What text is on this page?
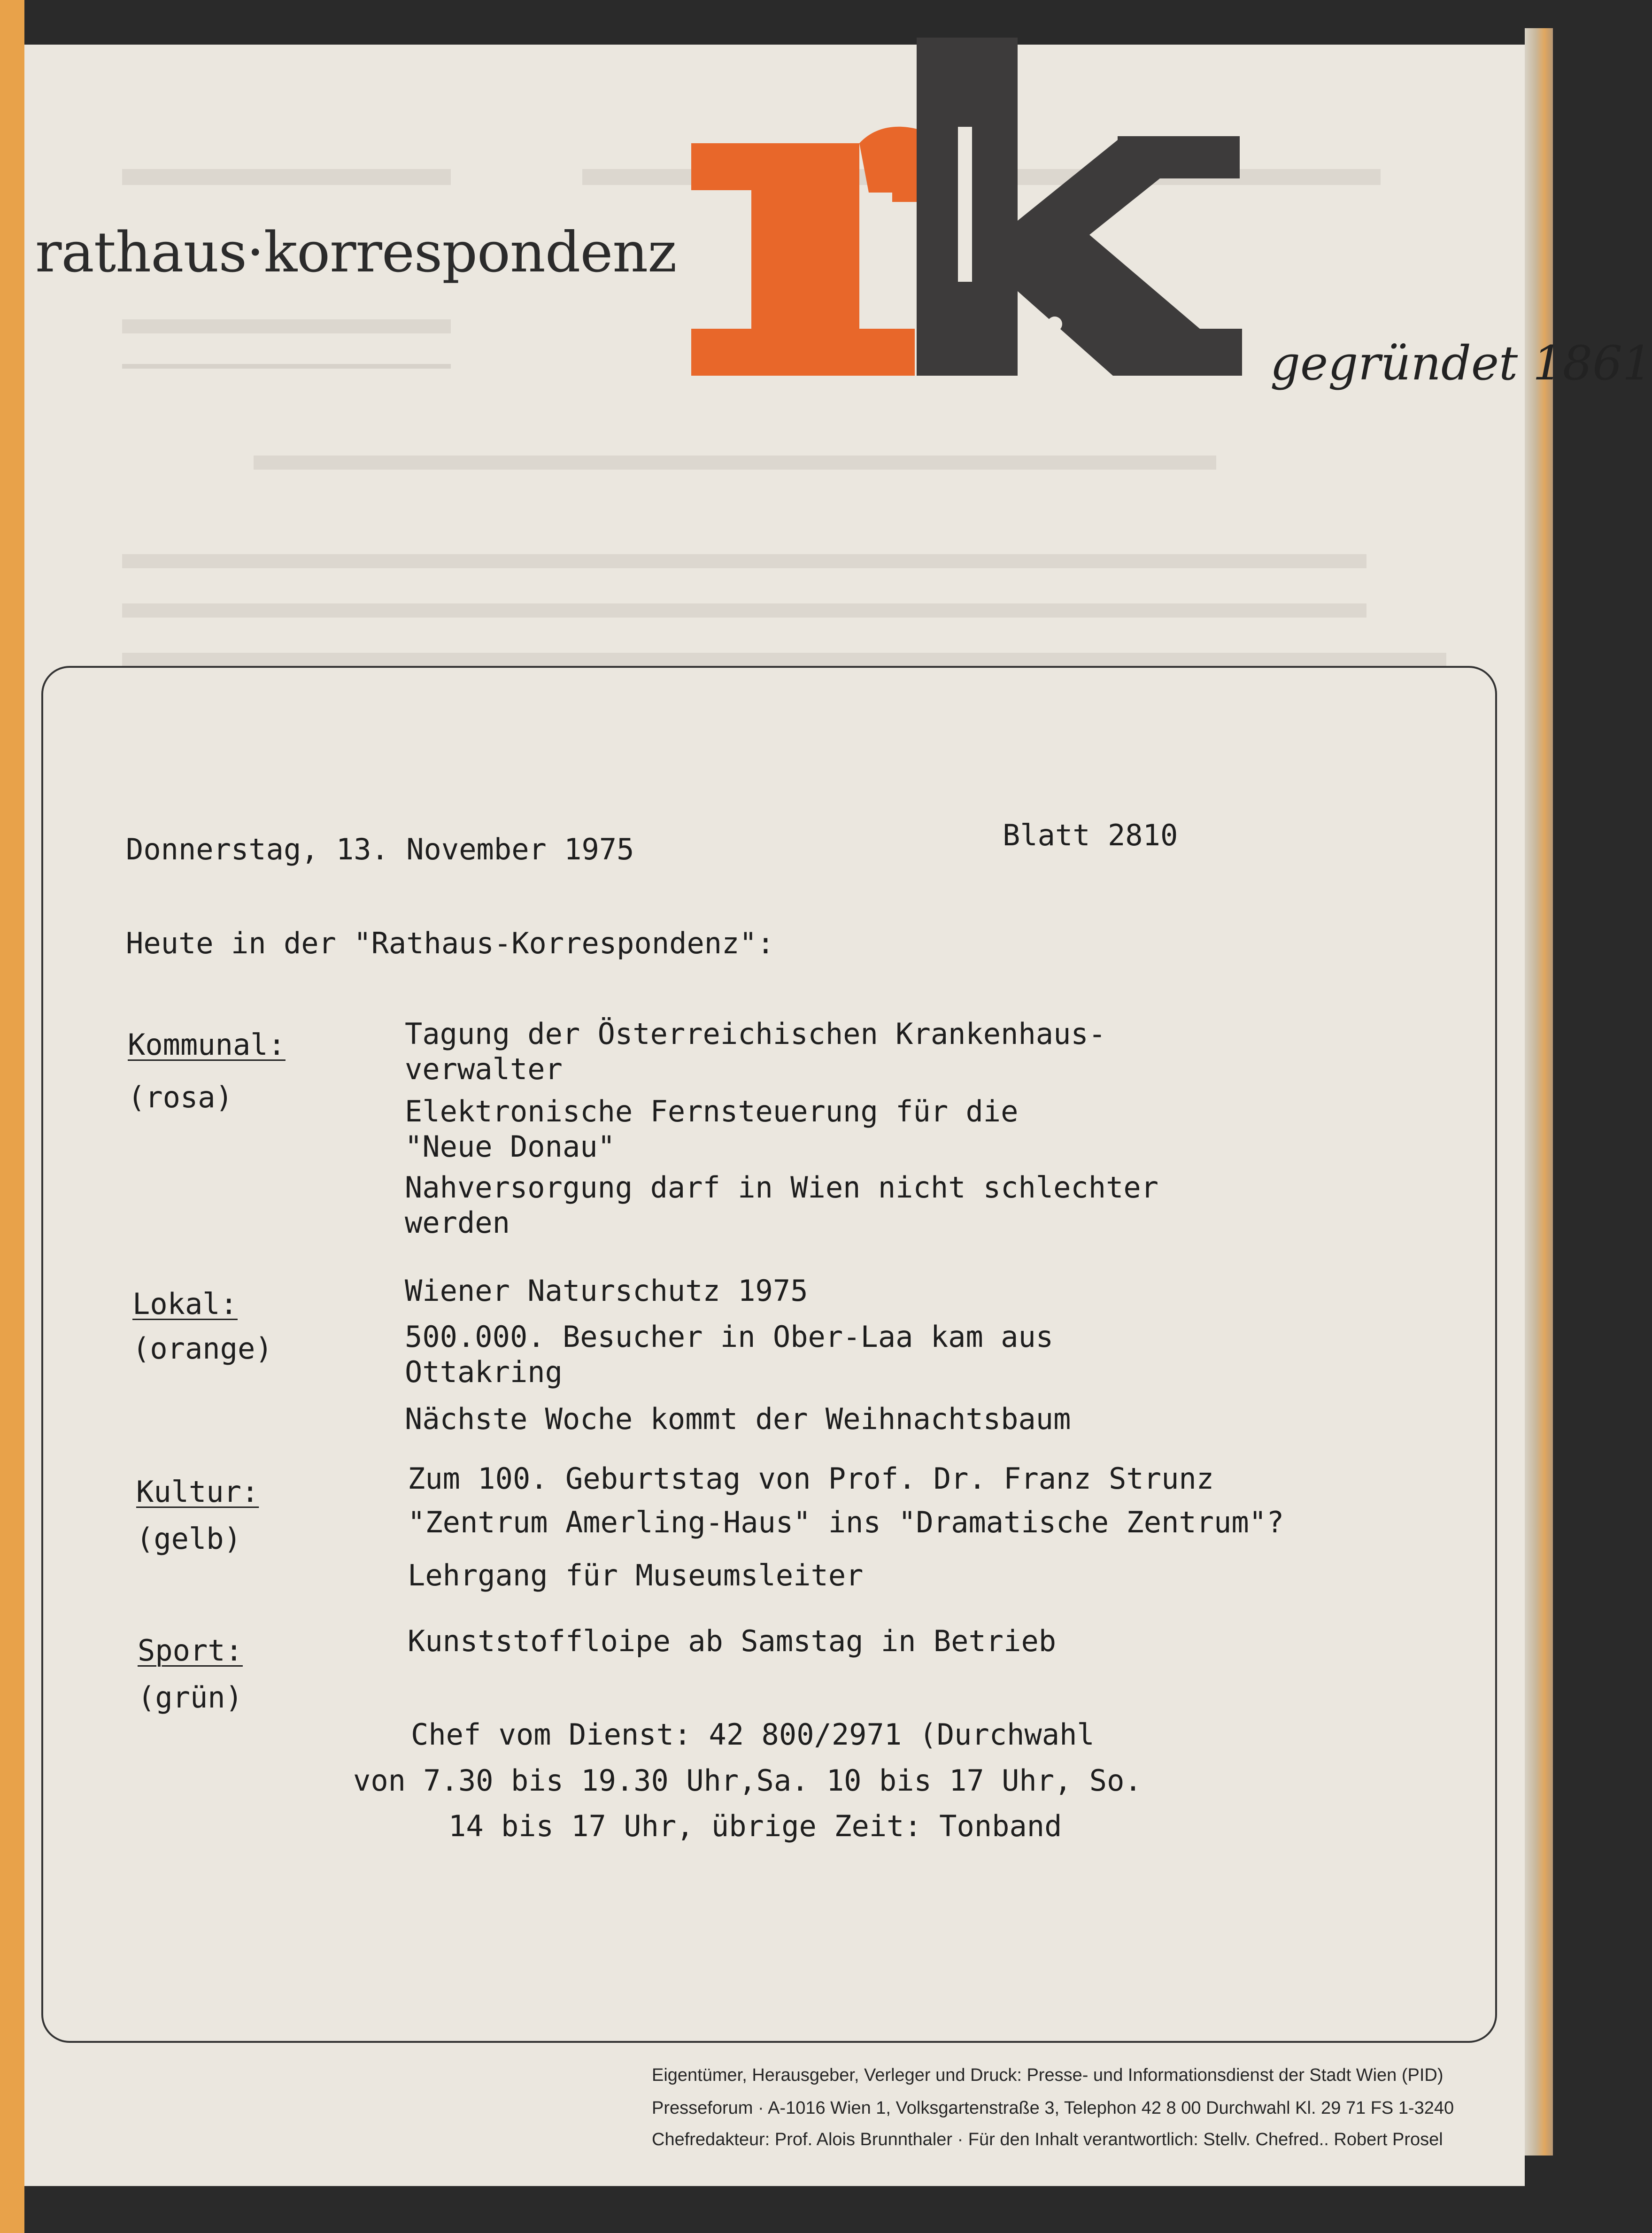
rathaus·korrespondenz
gegründet 1861
Donnerstag, 13. November 1975	Blatt 2810
Heute in der "Rathaus-Korrespondenz":
Kommunal:
(rosa)
Tagung der Österreichischen Krankenhaus-
verwalter
Elektronische Fernsteuerung für die
"Neue Donau"
Nahversorgung darf in Wien nicht schlechter
werden
Lokal:
(orange)
Wiener Naturschutz 1975
500.000. Besucher in Ober-Laa kam aus
Ottakring
Nächste Woche kommt der Weihnachtsbaum
Kultur:
(gelb)
Zum 100. Geburtstag von Prof. Dr. Franz Strunz
"Zentrum Amerling-Haus" ins "Dramatische Zentrum"?
Lehrgang für Museumsleiter
Sport:
(grün)
Kunststoffloipe ab Samstag in Betrieb
Chef vom Dienst: 42 800/2971 (Durchwahl
von 7.30 bis 19.30 Uhr,Sa. 10 bis 17 Uhr, So.
14 bis 17 Uhr, übrige Zeit: Tonband
Eigentümer, Herausgeber, Verleger und Druck: Presse- und Informationsdienst der Stadt Wien (PID)
Presseforum · A-1016 Wien 1, Volksgartenstraße 3, Telephon 42 8 00 Durchwahl Kl. 29 71 FS 1-3240
Chefredakteur: Prof. Alois Brunnthaler · Für den Inhalt verantwortlich: Stellv. Chefred.. Robert Prosel
